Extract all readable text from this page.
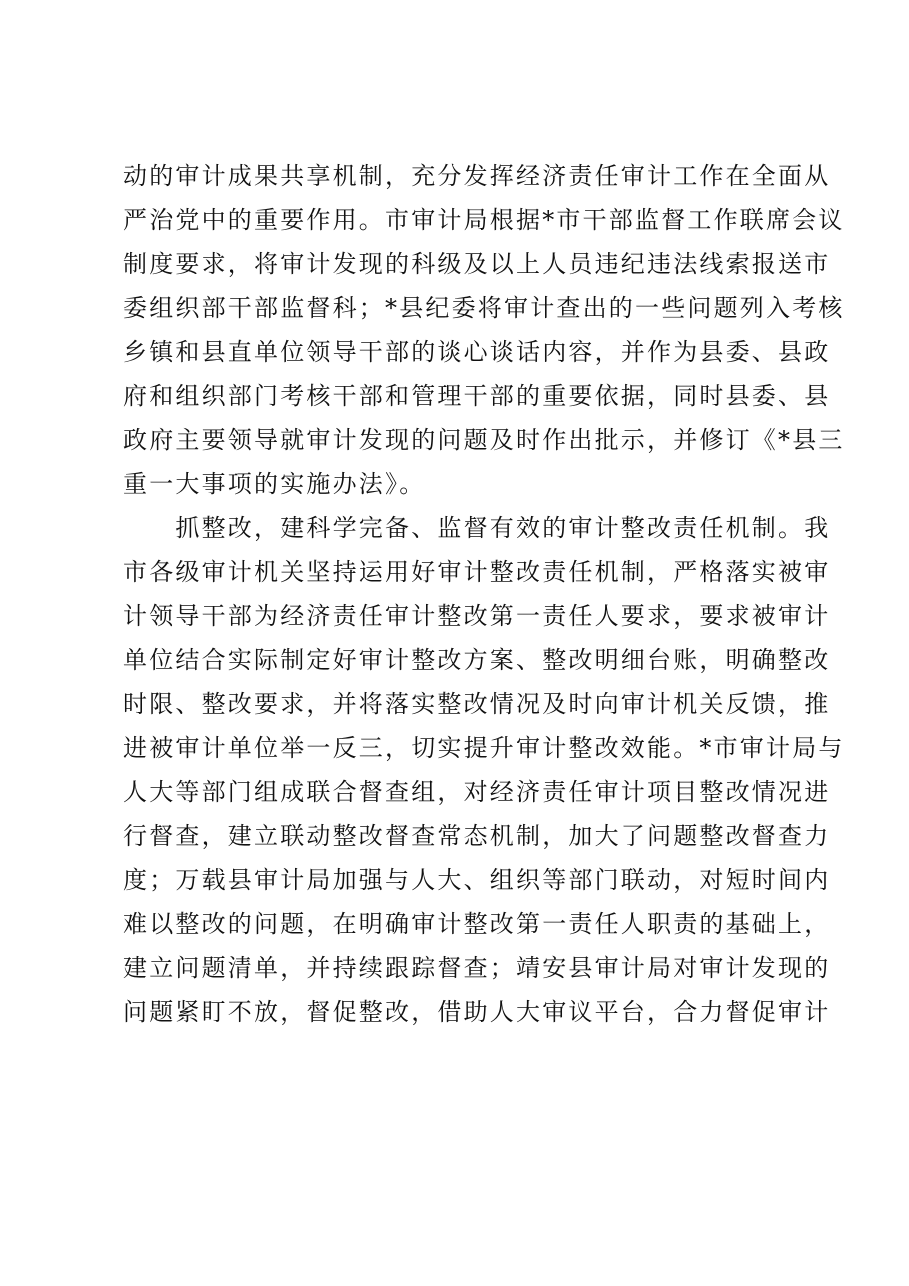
动的审计成果共享机制，充分发挥经济责任审计工作在全面从
严治党中的重要作用。市审计局根据*市干部监督工作联席会议
制度要求，将审计发现的科级及以上人员违纪违法线索报送市
委组织部干部监督科；*县纪委将审计查出的一些问题列入考核
乡镇和县直单位领导干部的谈心谈话内容，并作为县委、县政
府和组织部门考核干部和管理干部的重要依据，同时县委、县
政府主要领导就审计发现的问题及时作出批示，并修订《*县三
重一大事项的实施办法》。
　　抓整改，建科学完备、监督有效的审计整改责任机制。我
市各级审计机关坚持运用好审计整改责任机制，严格落实被审
计领导干部为经济责任审计整改第一责任人要求，要求被审计
单位结合实际制定好审计整改方案、整改明细台账，明确整改
时限、整改要求，并将落实整改情况及时向审计机关反馈，推
进被审计单位举一反三，切实提升审计整改效能。*市审计局与
人大等部门组成联合督查组，对经济责任审计项目整改情况进
行督查，建立联动整改督查常态机制，加大了问题整改督查力
度；万载县审计局加强与人大、组织等部门联动，对短时间内
难以整改的问题，在明确审计整改第一责任人职责的基础上，
建立问题清单，并持续跟踪督查；靖安县审计局对审计发现的
问题紧盯不放，督促整改，借助人大审议平台，合力督促审计
